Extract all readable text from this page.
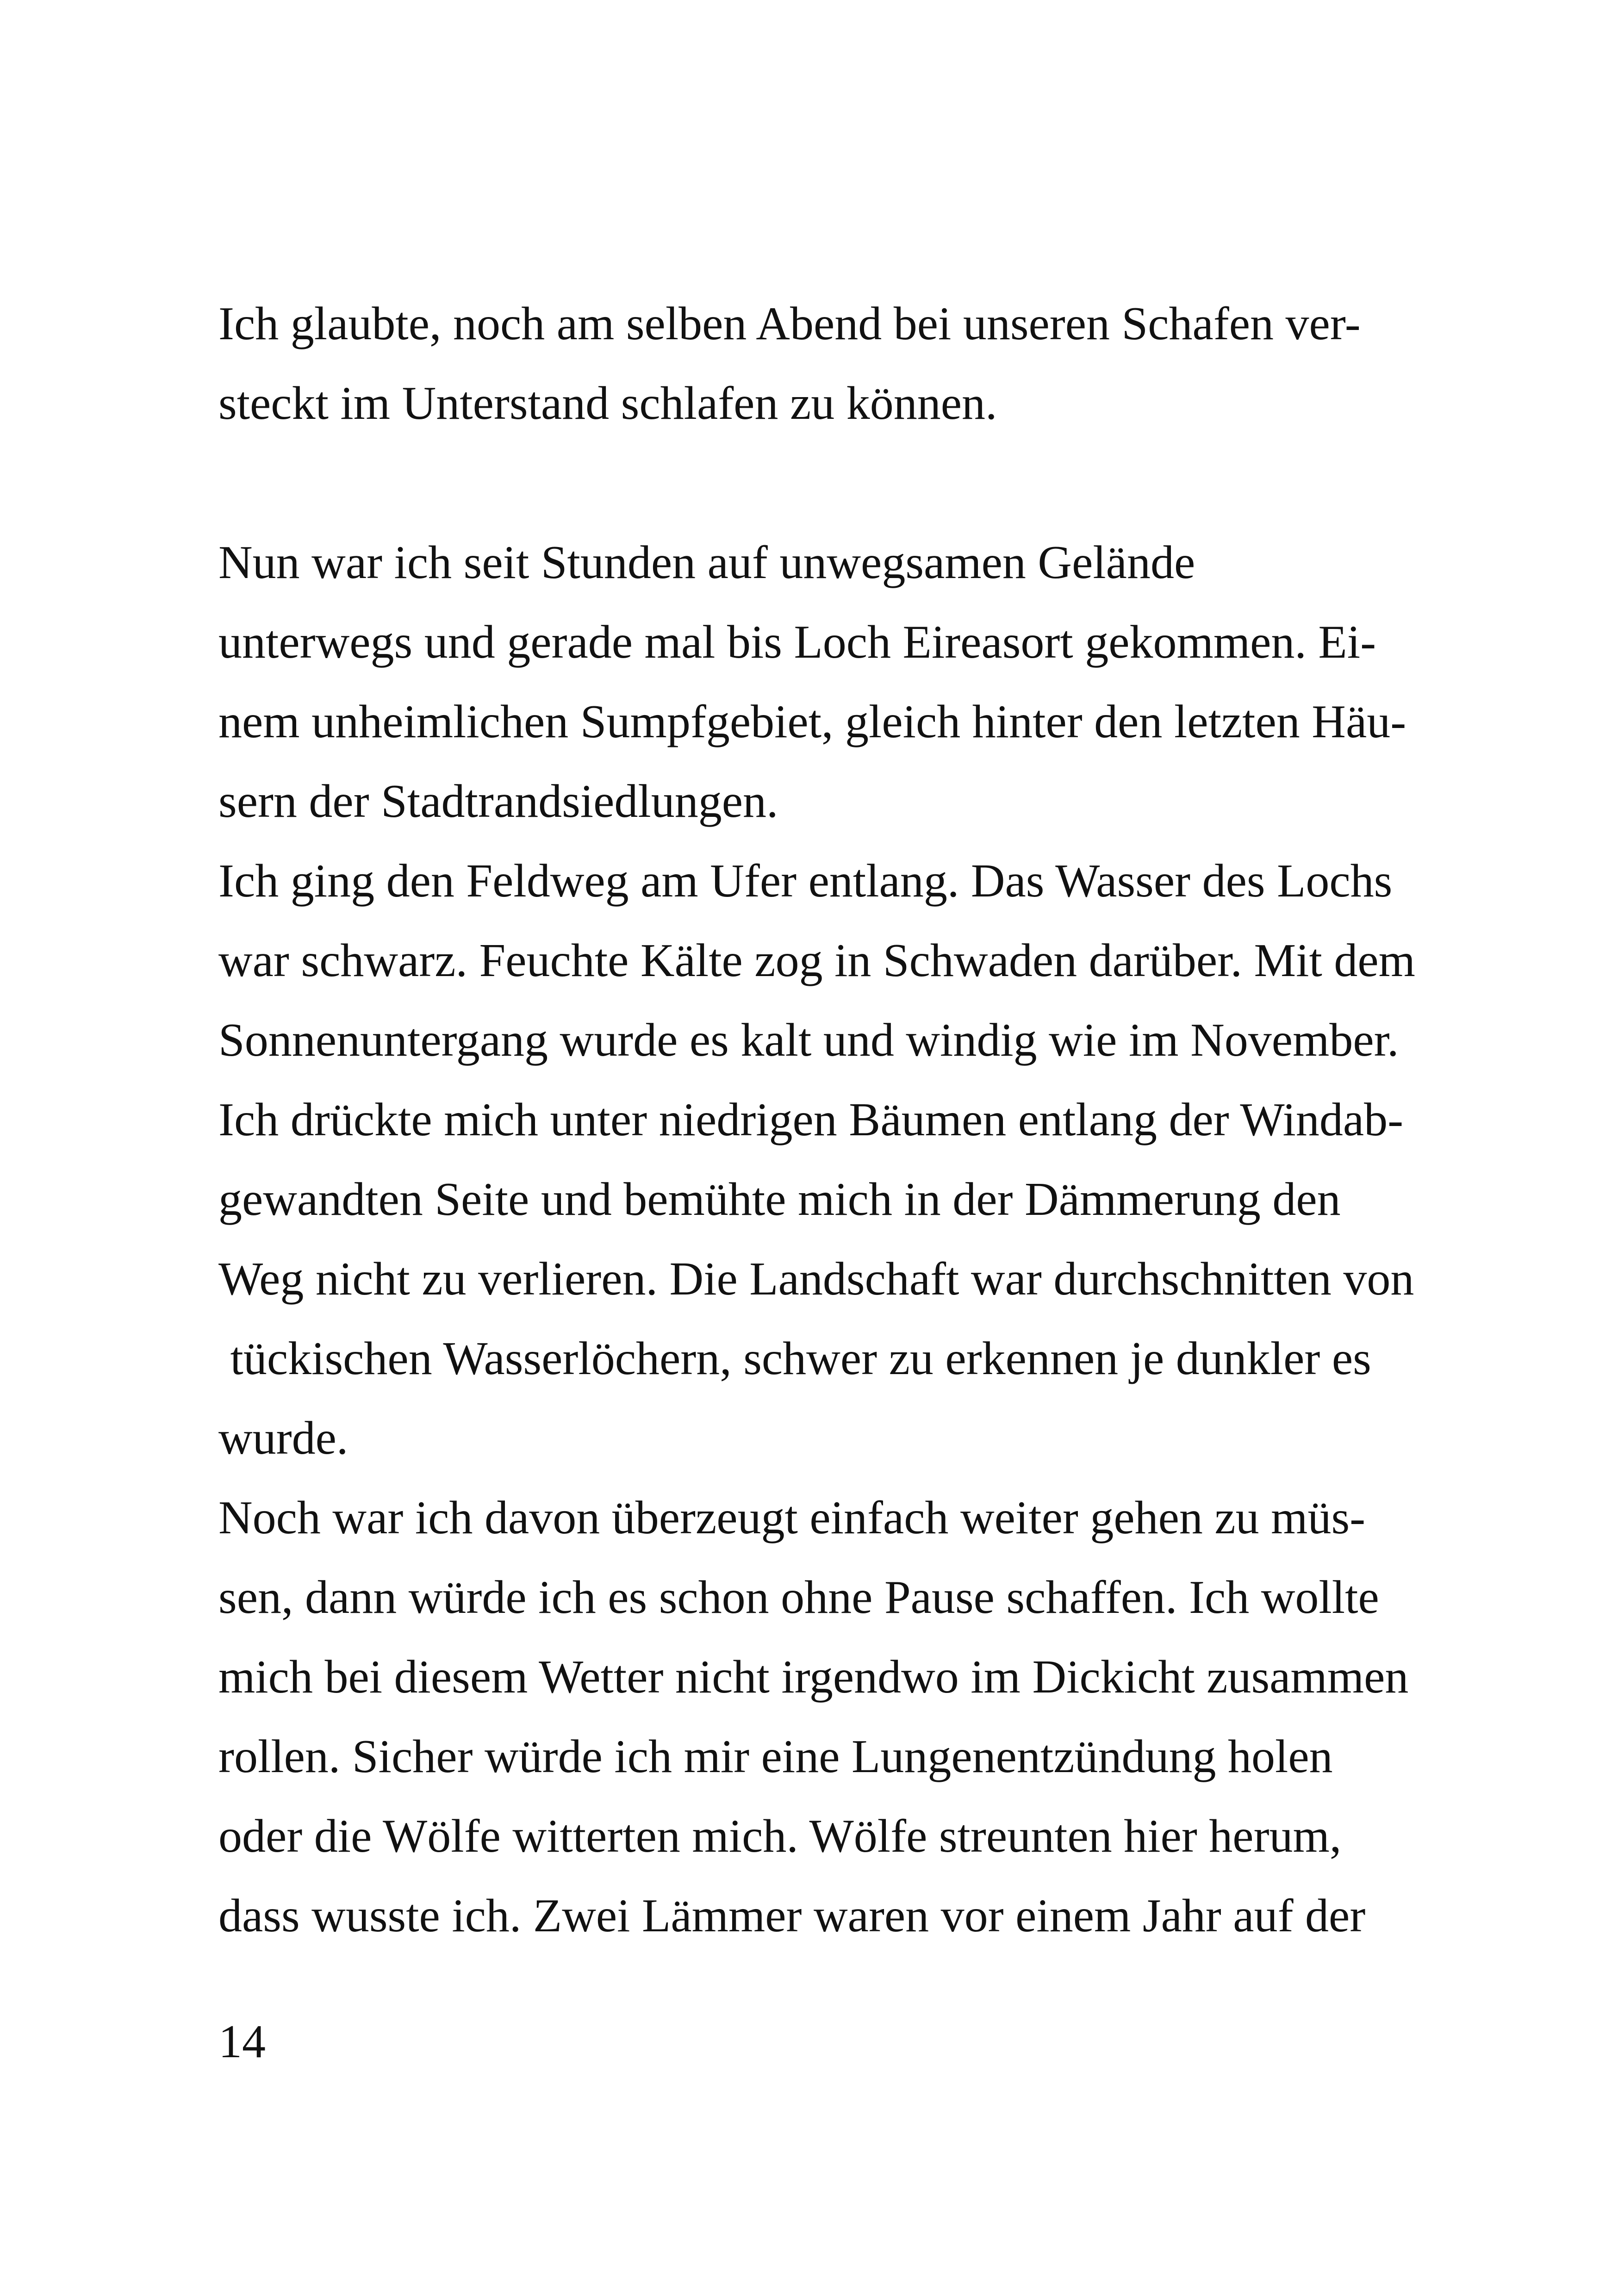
Ich glaubte, noch am selben Abend bei unseren Schafen ver-
steckt im Unterstand schlafen zu können.
Nun war ich seit Stunden auf unwegsamen Gelände
unterwegs und gerade mal bis Loch Eireasort gekommen. Ei-
nem unheimlichen Sumpfgebiet, gleich hinter den letzten Häu-
sern der Stadtrandsiedlungen.
Ich ging den Feldweg am Ufer entlang. Das Wasser des Lochs
war schwarz. Feuchte Kälte zog in Schwaden darüber. Mit dem
Sonnenuntergang wurde es kalt und windig wie im November.
Ich drückte mich unter niedrigen Bäumen entlang der Windab-
gewandten Seite und bemühte mich in der Dämmerung den
Weg nicht zu verlieren. Die Landschaft war durchschnitten von
tückischen Wasserlöchern, schwer zu erkennen je dunkler es
wurde.
Noch war ich davon überzeugt einfach weiter gehen zu müs-
sen, dann würde ich es schon ohne Pause schaffen. Ich wollte
mich bei diesem Wetter nicht irgendwo im Dickicht zusammen
rollen. Sicher würde ich mir eine Lungenentzündung holen
oder die Wölfe witterten mich. Wölfe streunten hier herum,
dass wusste ich. Zwei Lämmer waren vor einem Jahr auf der
14
